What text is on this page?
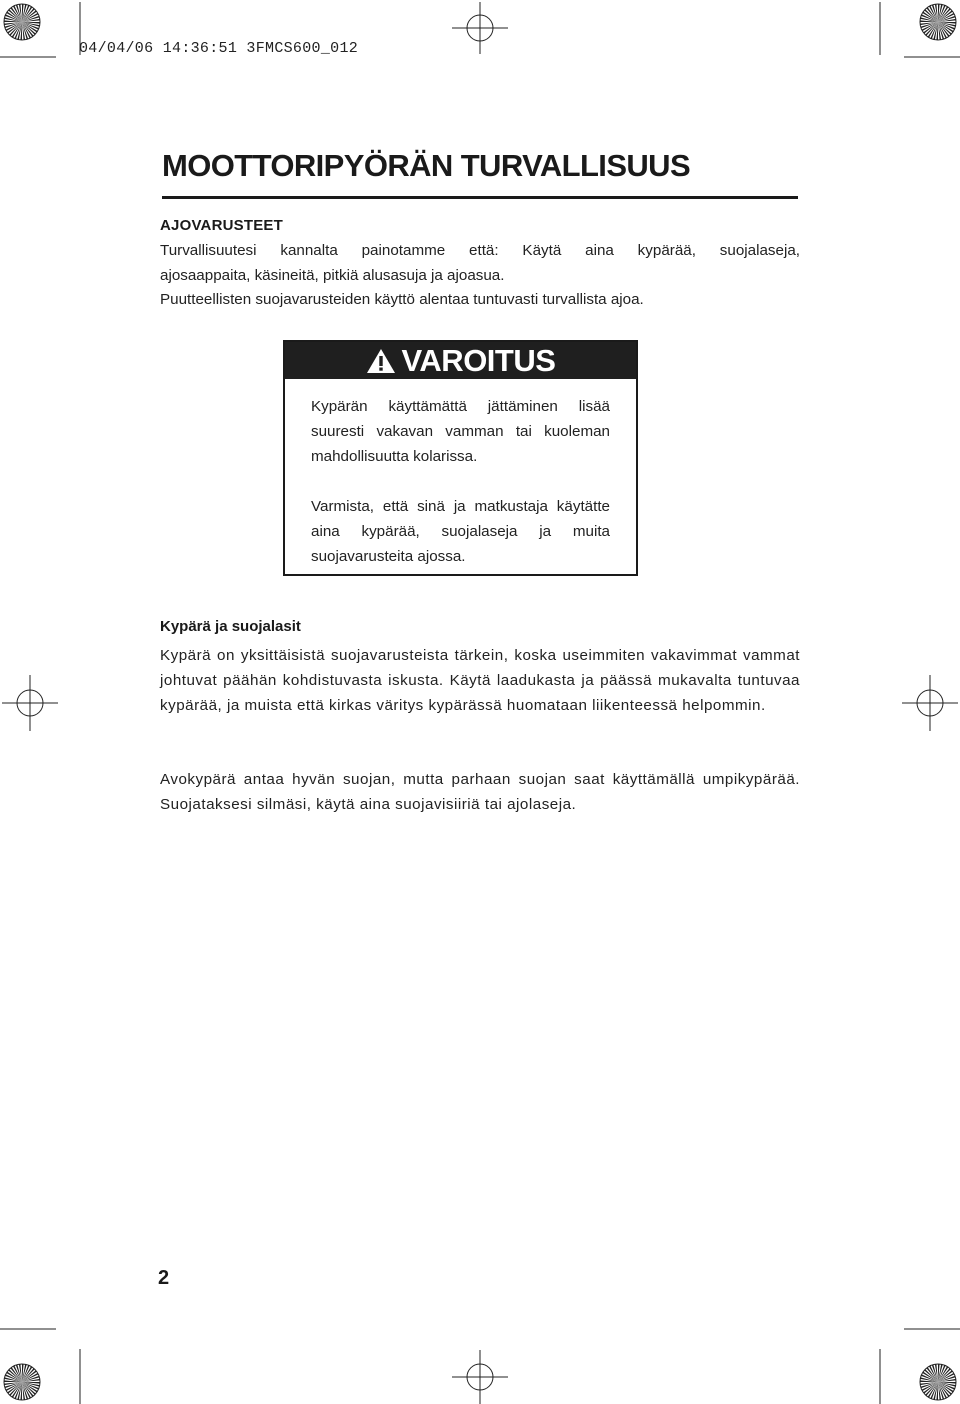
04/04/06 14:36:51 3FMCS600_012
MOOTTORIPYÖRÄN TURVALLISUUS
AJOVARUSTEET

Turvallisuutesi kannalta painotamme että: Käytä aina kypärää, suojalaseja,
ajosaappaita, käsineitä, pitkiä alusasuja ja ajoasua.
Puutteellisten suojavarusteiden käyttö alentaa tuntuvasti turvallista ajoa.

VAROITUS

Kypärän käyttämättä jättäminen lisää suuresti vakavan vamman tai kuoleman mahdollisuutta kolarissa.

Varmista, että sinä ja matkustaja käytätte aina kypärää, suojalaseja ja muita suojavarusteita ajossa.

Kypärä ja suojalasit

Kypärä on yksittäisistä suojavarusteista tärkein, koska useimmiten vakavimmat vammat johtuvat päähän kohdistuvasta iskusta. Käytä laadukasta ja päässä mukavalta tuntuvaa kypärää, ja muista että kirkas väritys kypärässä huomataan liikenteessä helpommin.

Avokypärä antaa hyvän suojan, mutta parhaan suojan saat käyttämällä umpikypärää. Suojataksesi silmäsi, käytä aina suojavisiiriä tai ajolaseja.

2
